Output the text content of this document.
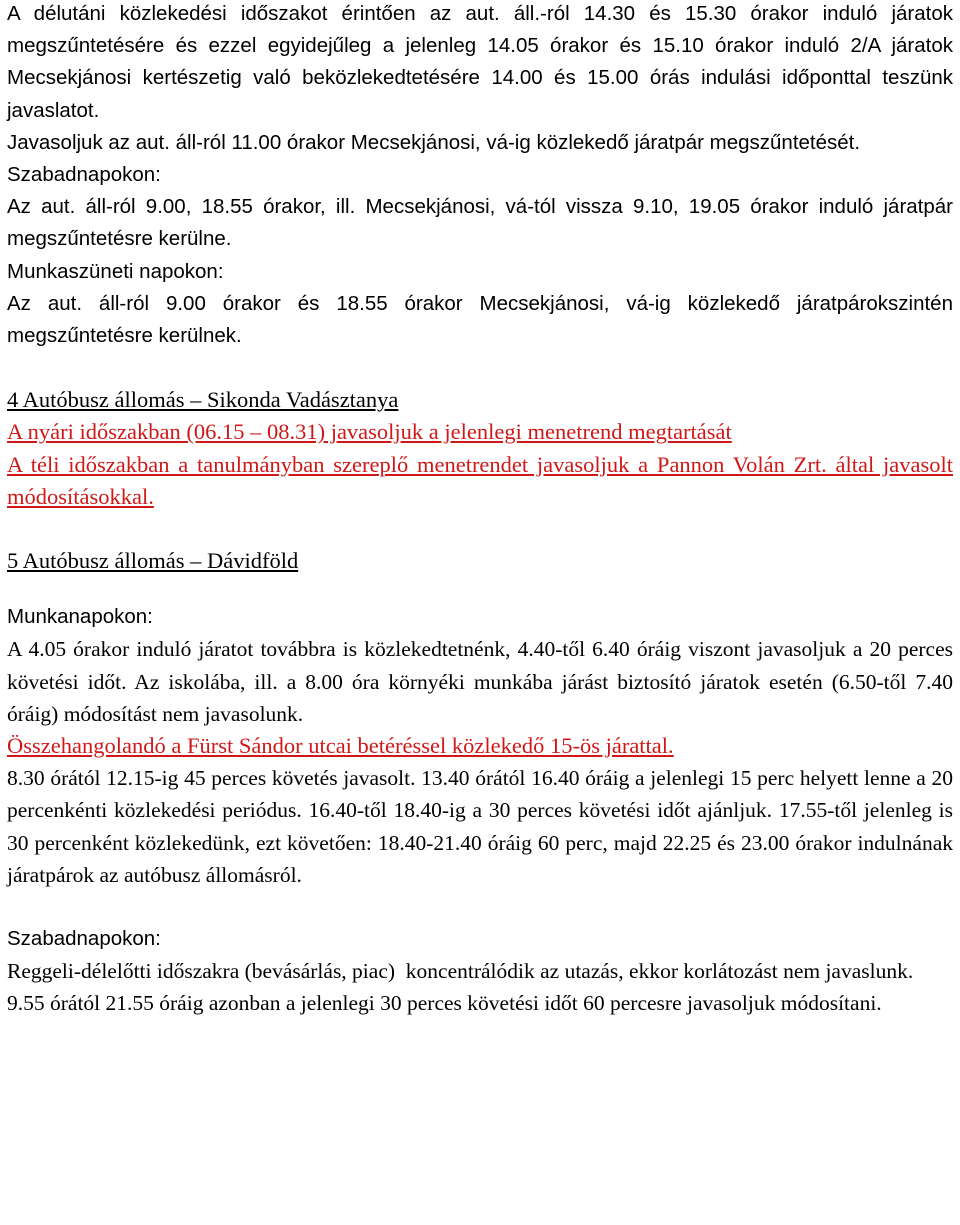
A délutáni közlekedési időszakot érintően az aut. áll.-ról 14.30 és 15.30 órakor induló járatok megszűntetésére és ezzel egyidejűleg a jelenleg 14.05 órakor és 15.10 órakor induló 2/A járatok Mecsekjánosi kertészetig való beközlekedtetésére 14.00 és 15.00 órás indulási időponttal teszünk javaslatot.

Javasoljuk az aut. áll-ról 11.00 órakor Mecsekjánosi, vá-ig közlekedő járatpár megszűntetését.

Szabadnapokon:

Az aut. áll-ról 9.00, 18.55 órakor, ill. Mecsekjánosi, vá-tól vissza 9.10, 19.05 órakor induló járatpár megszűntetésre kerülne.

Munkaszüneti napokon:

Az aut. áll-ról 9.00 órakor és 18.55 órakor Mecsekjánosi, vá-ig közlekedő járatpárokszintén megszűntetésre kerülnek.

4 Autóbusz állomás – Sikonda Vadásztanya

A nyári időszakban (06.15 – 08.31) javasoljuk a jelenlegi menetrend megtartását

A téli időszakban a tanulmányban szereplő menetrendet javasoljuk a Pannon Volán Zrt. által javasolt módosításokkal.

5 Autóbusz állomás – Dávidföld

Munkanapokon:

A 4.05 órakor induló járatot továbbra is közlekedtetnénk, 4.40-től 6.40 óráig viszont javasoljuk a 20 perces követési időt. Az iskolába, ill. a 8.00 óra környéki munkába járást biztosító járatok esetén (6.50-től 7.40 óráig) módosítást nem javasolunk.

Összehangolandó a Fürst Sándor utcai betéréssel közlekedő 15-ös járattal.

8.30 órától 12.15-ig 45 perces követés javasolt. 13.40 órától 16.40 óráig a jelenlegi 15 perc helyett lenne a 20 percenkénti közlekedési periódus. 16.40-től 18.40-ig a 30 perces követési időt ajánljuk. 17.55-től jelenleg is 30 percenként közlekedünk, ezt követően: 18.40-21.40 óráig 60 perc, majd 22.25 és 23.00 órakor indulnának járatpárok az autóbusz állomásról.

Szabadnapokon:

Reggeli-délelőtti időszakra (bevásárlás, piac)  koncentrálódik az utazás, ekkor korlátozást nem javaslunk.

9.55 órától 21.55 óráig azonban a jelenlegi 30 perces követési időt 60 percesre javasoljuk módosítani.
